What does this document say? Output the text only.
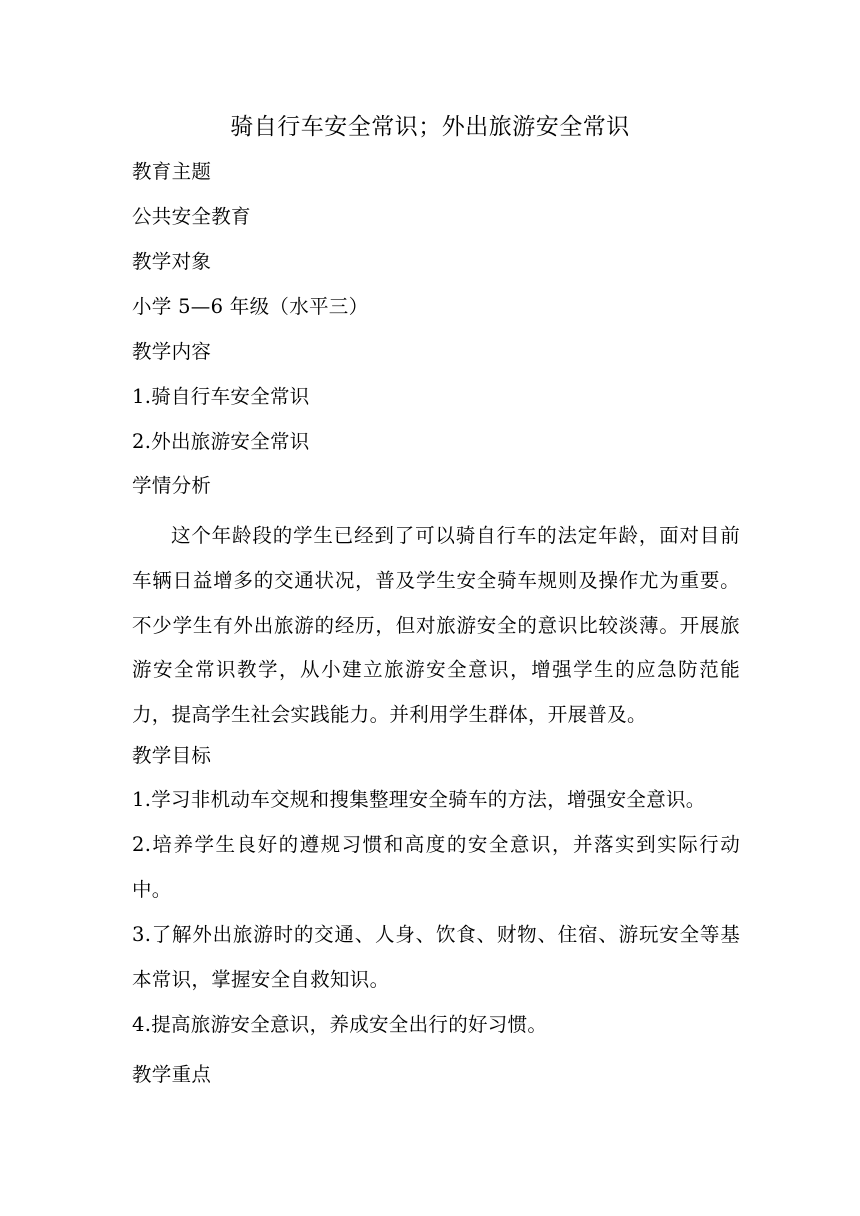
骑自行车安全常识；外出旅游安全常识
教育主题
公共安全教育
教学对象
小学 5—6 年级（水平三）
教学内容
1.骑自行车安全常识
2.外出旅游安全常识
学情分析
这个年龄段的学生已经到了可以骑自行车的法定年龄，面对目前车辆日益增多的交通状况，普及学生安全骑车规则及操作尤为重要。不少学生有外出旅游的经历，但对旅游安全的意识比较淡薄。开展旅游安全常识教学，从小建立旅游安全意识，增强学生的应急防范能力，提高学生社会实践能力。并利用学生群体，开展普及。
教学目标
1.学习非机动车交规和搜集整理安全骑车的方法，增强安全意识。
2.培养学生良好的遵规习惯和高度的安全意识，并落实到实际行动中。
3.了解外出旅游时的交通、人身、饮食、财物、住宿、游玩安全等基本常识，掌握安全自救知识。
4.提高旅游安全意识，养成安全出行的好习惯。
教学重点
